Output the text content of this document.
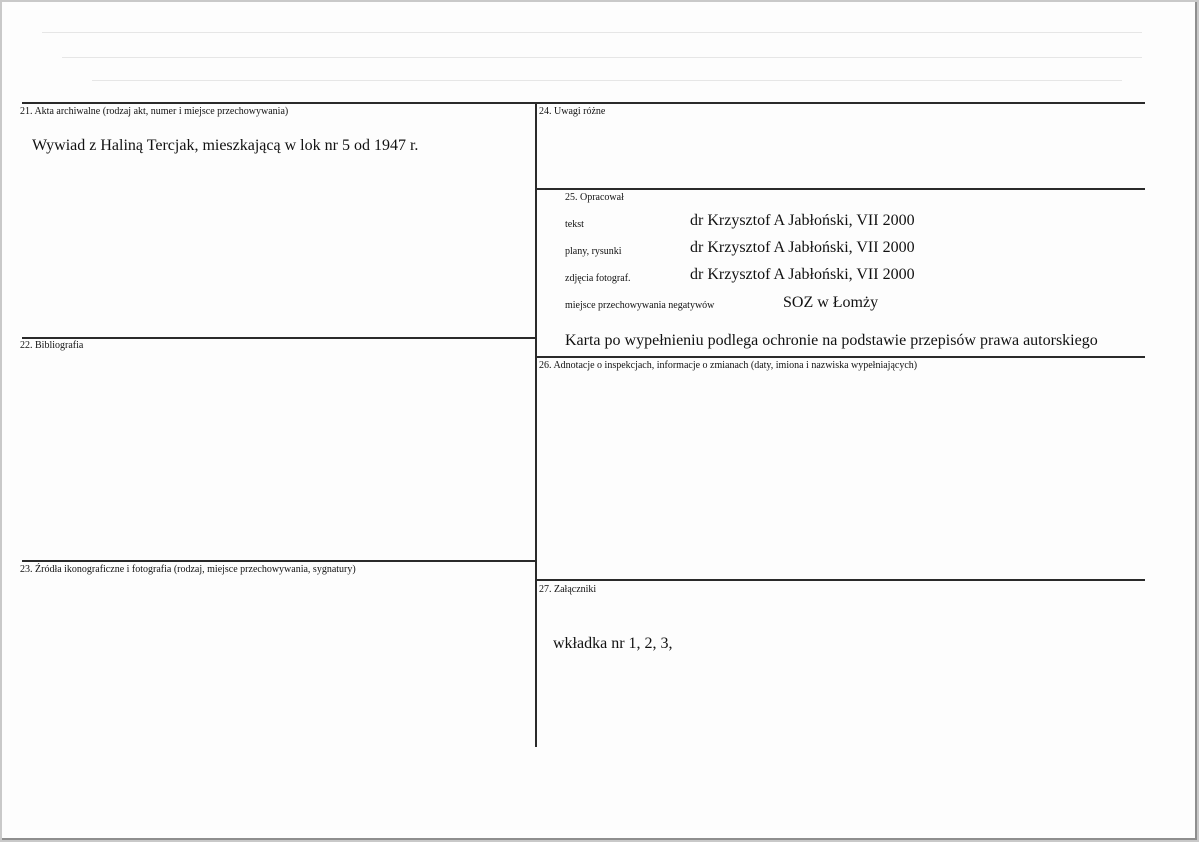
21. Akta archiwalne (rodzaj akt, numer i miejsce przechowywania)
Wywiad z Haliną Tercjak, mieszkającą w lok nr 5 od 1947 r.
22. Bibliografia
23. Źródła ikonograficzne i fotografia (rodzaj, miejsce przechowywania, sygnatury)
24. Uwagi różne
25. Opracował
tekst	dr Krzysztof A Jabłoński, VII 2000
plany, rysunki	dr Krzysztof A Jabłoński, VII 2000
zdjęcia fotograf.	dr Krzysztof A Jabłoński, VII 2000
miejsce przechowywania negatywów	SOZ w Łomży
Karta po wypełnieniu podlega ochronie na podstawie przepisów prawa autorskiego
26. Adnotacje o inspekcjach, informacje o zmianach (daty, imiona i nazwiska wypełniających)
27. Załączniki
wkładka nr 1, 2, 3,
